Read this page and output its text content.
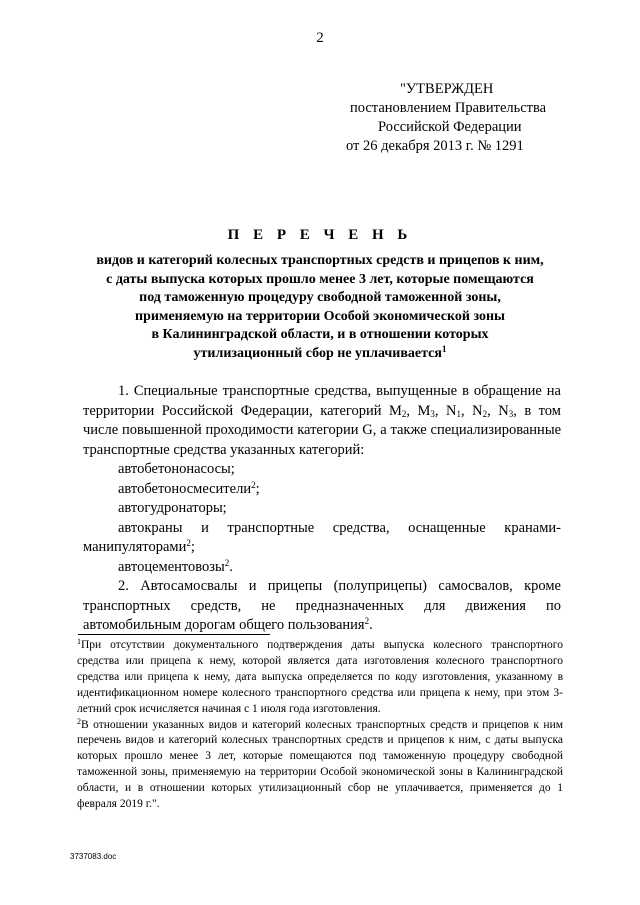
2
"УТВЕРЖДЕН
постановлением Правительства
Российской Федерации
от 26 декабря 2013 г. № 1291
П Е Р Е Ч Е Н Ь
видов и категорий колесных транспортных средств и прицепов к ним,
с даты выпуска которых прошло менее 3 лет, которые помещаются
под таможенную процедуру свободной таможенной зоны,
применяемую на территории Особой экономической зоны
в Калининградской области, и в отношении которых
утилизационный сбор не уплачивается$^1$

1. Специальные транспортные средства, выпущенные в обращение на территории Российской Федерации, категорий $M_2$, $M_3$, $N_1$, $N_2$, $N_3$, в том числе повышенной проходимости категории G, а также специализированные транспортные средства указанных категорий:

автобетононасосы;

автобетоносмесители$^2$;

автогудронаторы;

автокраны и транспортные средства, оснащенные кранами-

манипуляторами$^2$;

автоцементовозы$^2$.

2. Автосамосвалы и прицепы (полуприцепы) самосвалов, кроме транспортных средств, не предназначенных для движения по автомобильным дорогам общего пользования$^2$.

$^1$При отсутствии документального подтверждения даты выпуска колесного транспортного средства или прицепа к нему, которой является дата изготовления колесного транспортного средства или прицепа к нему, дата выпуска определяется по коду изготовления, указанному в идентификационном номере колесного транспортного средства или прицепа к нему, при этом 3-летний срок исчисляется начиная с 1 июля года изготовления.

$^2$В отношении указанных видов и категорий колесных транспортных средств и прицепов к ним перечень видов и категорий колесных транспортных средств и прицепов к ним, с даты выпуска которых прошло менее 3 лет, которые помещаются под таможенную процедуру свободной таможенной зоны, применяемую на территории Особой экономической зоны в Калининградской области, и в отношении которых утилизационный сбор не уплачивается, применяется до 1 февраля 2019 г.".

3737083.doc
